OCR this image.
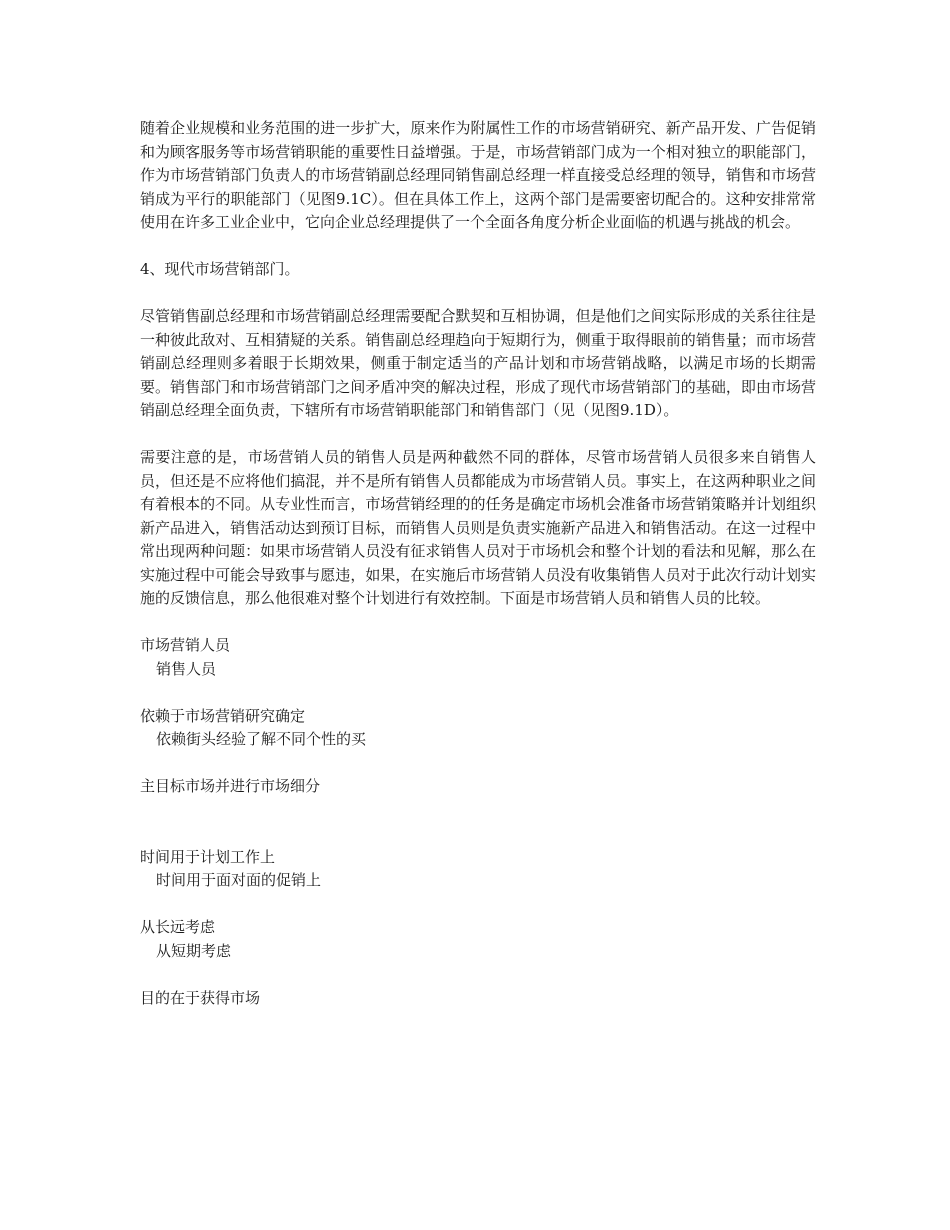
随着企业规模和业务范围的进一步扩大，原来作为附属性工作的市场营销研究、新产品开发、广告促销和为顾客服务等市场营销职能的重要性日益增强。于是，市场营销部门成为一个相对独立的职能部门，作为市场营销部门负责人的市场营销副总经理同销售副总经理一样直接受总经理的领导，销售和市场营销成为平行的职能部门（见图9.1C）。但在具体工作上，这两个部门是需要密切配合的。这种安排常常使用在许多工业企业中，它向企业总经理提供了一个全面各角度分析企业面临的机遇与挑战的机会。

4、现代市场营销部门。

尽管销售副总经理和市场营销副总经理需要配合默契和互相协调，但是他们之间实际形成的关系往往是一种彼此敌对、互相猜疑的关系。销售副总经理趋向于短期行为，侧重于取得眼前的销售量；而市场营销副总经理则多着眼于长期效果，侧重于制定适当的产品计划和市场营销战略，以满足市场的长期需要。销售部门和市场营销部门之间矛盾冲突的解决过程，形成了现代市场营销部门的基础，即由市场营销副总经理全面负责，下辖所有市场营销职能部门和销售部门（见（见图9.1D）。

需要注意的是，市场营销人员的销售人员是两种截然不同的群体，尽管市场营销人员很多来自销售人员，但还是不应将他们搞混，并不是所有销售人员都能成为市场营销人员。事实上，在这两种职业之间有着根本的不同。从专业性而言，市场营销经理的的任务是确定市场机会准备市场营销策略并计划组织新产品进入，销售活动达到预订目标，而销售人员则是负责实施新产品进入和销售活动。在这一过程中常出现两种问题：如果市场营销人员没有征求销售人员对于市场机会和整个计划的看法和见解，那么在实施过程中可能会导致事与愿违，如果，在实施后市场营销人员没有收集销售人员对于此次行动计划实施的反馈信息，那么他很难对整个计划进行有效控制。下面是市场营销人员和销售人员的比较。

市场营销人员
销售人员
依赖于市场营销研究确定
依赖街头经验了解不同个性的买
主目标市场并进行市场细分
时间用于计划工作上
时间用于面对面的促销上
从长远考虑
从短期考虑
目的在于获得市场
